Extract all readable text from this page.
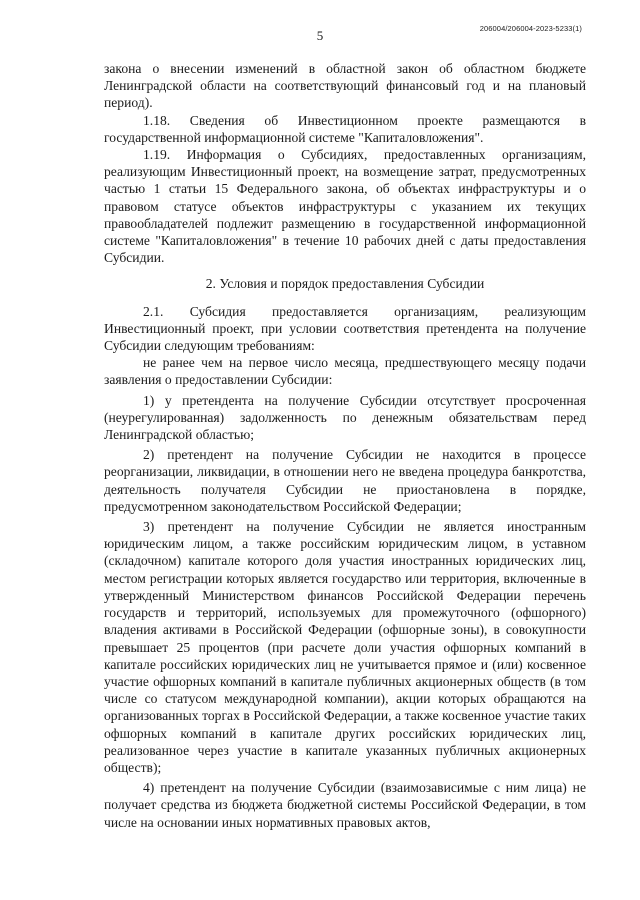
5	206004/206004-2023-5233(1)

закона о внесении изменений в областной закон об областном бюджете Ленинградской области на соответствующий финансовый год и на плановый период).

1.18. Сведения об Инвестиционном проекте размещаются в государственной информационной системе "Капиталовложения".

1.19. Информация о Субсидиях, предоставленных организациям, реализующим Инвестиционный проект, на возмещение затрат, предусмотренных частью 1 статьи 15 Федерального закона, об объектах инфраструктуры и о правовом статусе объектов инфраструктуры с указанием их текущих правообладателей подлежит размещению в государственной информационной системе "Капиталовложения" в течение 10 рабочих дней с даты предоставления Субсидии.

2. Условия и порядок предоставления Субсидии

2.1. Субсидия предоставляется организациям, реализующим Инвестиционный проект, при условии соответствия претендента на получение Субсидии следующим требованиям:

не ранее чем на первое число месяца, предшествующего месяцу подачи заявления о предоставлении Субсидии:

1) у претендента на получение Субсидии отсутствует просроченная (неурегулированная) задолженность по денежным обязательствам перед Ленинградской областью;

2) претендент на получение Субсидии не находится в процессе реорганизации, ликвидации, в отношении него не введена процедура банкротства, деятельность получателя Субсидии не приостановлена в порядке, предусмотренном законодательством Российской Федерации;

3) претендент на получение Субсидии не является иностранным юридическим лицом, а также российским юридическим лицом, в уставном (складочном) капитале которого доля участия иностранных юридических лиц, местом регистрации которых является государство или территория, включенные в утвержденный Министерством финансов Российской Федерации перечень государств и территорий, используемых для промежуточного (офшорного) владения активами в Российской Федерации (офшорные зоны), в совокупности превышает 25 процентов (при расчете доли участия офшорных компаний в капитале российских юридических лиц не учитывается прямое и (или) косвенное участие офшорных компаний в капитале публичных акционерных обществ (в том числе со статусом международной компании), акции которых обращаются на организованных торгах в Российской Федерации, а также косвенное участие таких офшорных компаний в капитале других российских юридических лиц, реализованное через участие в капитале указанных публичных акционерных обществ);

4) претендент на получение Субсидии (взаимозависимые с ним лица) не получает средства из бюджета бюджетной системы Российской Федерации, в том числе на основании иных нормативных правовых актов,
